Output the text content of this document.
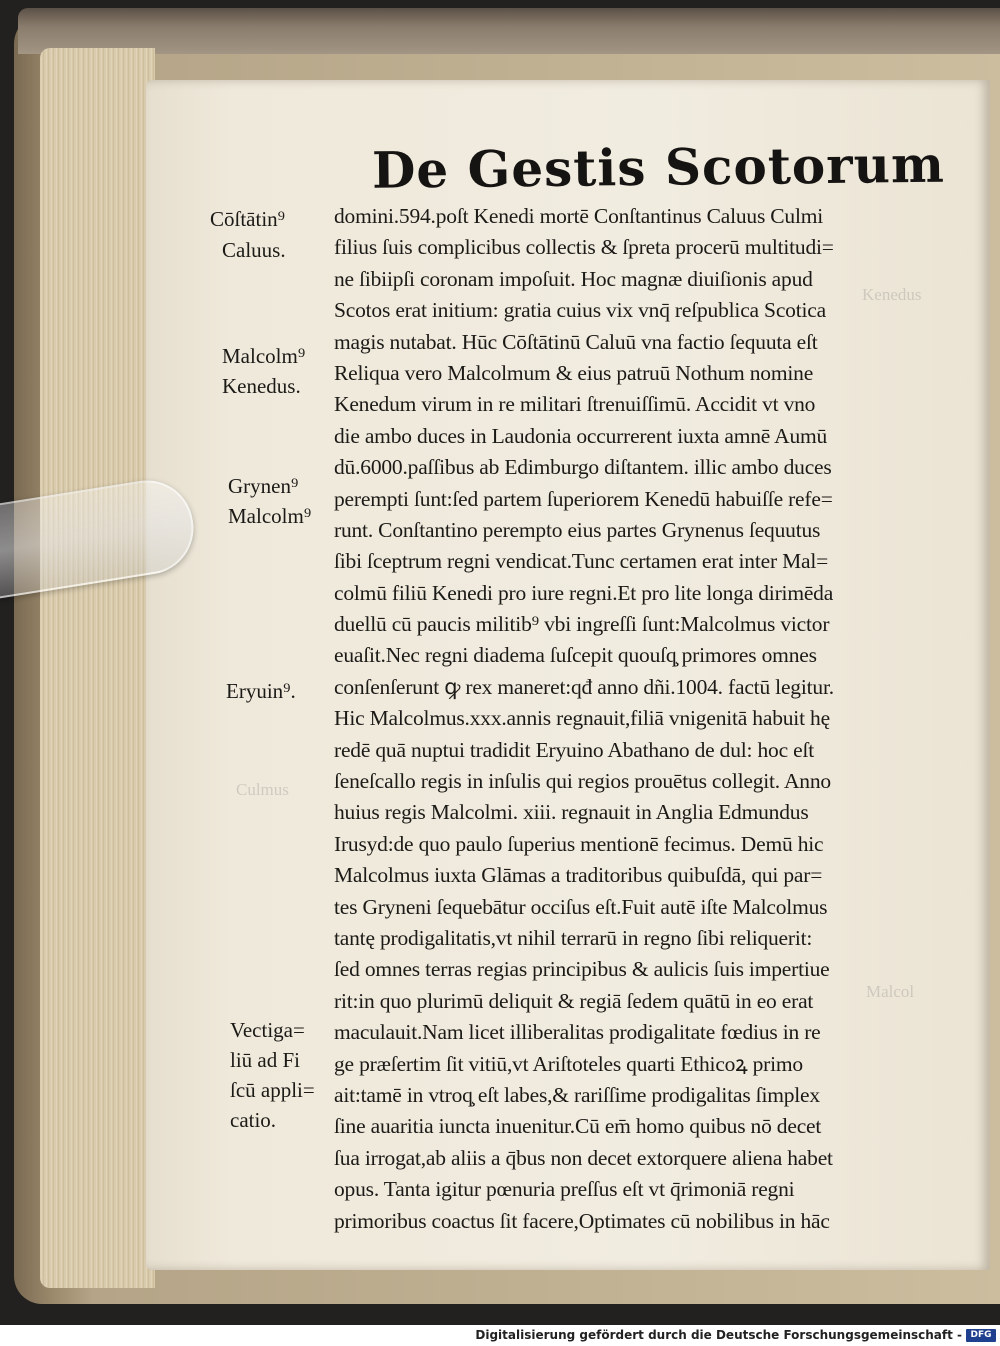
Kenedus
Malcol
Culmus
De Gestis Scotorum
Cōſtātin⁹
Caluus.
Malcolm⁹
Kenedus.
Grynen⁹
Malcolm⁹
Eryuin⁹.
Vectiga=
liū ad Fi
ſcū appli=
catio.
domini.594.poſt Kenedi mortē Conſtantinus Caluus Culmi
filius ſuis complicibus collectis & ſpreta procerū multitudi=
ne ſibiipſi coronam impoſuit. Hoc magnæ diuiſionis apud
Scotos erat initium: gratia cuius vix vnq̄ reſpublica Scotica
magis nutabat. Hūc Cōſtātinū Caluū vna factio ſequuta eſt
Reliqua vero Malcolmum & eius patruū Nothum nomine
Kenedum virum in re militari ſtrenuiſſimū. Accidit vt vno
die ambo duces in Laudonia occurrerent iuxta amnē Aumū
dū.6000.paſſibus ab Edimburgo diſtantem. illic ambo duces
perempti ſunt:ſed partem ſuperiorem Kenedū habuiſſe refe=
runt. Conſtantino perempto eius partes Grynenus ſequutus
ſibi ſceptrum regni vendicat.Tunc certamen erat inter Mal=
colmū filiū Kenedi pro iure regni.Et pro lite longa dirimēda
duellū cū paucis militib⁹ vbi ingreſſi ſunt:Malcolmus victor
euaſit.Nec regni diadema ſuſcepit quouſq̧ primores omnes
conſenſerunt ꝙ rex maneret:qđ anno dñi.1004. factū legitur.
Hic Malcolmus.xxx.annis regnauit,filiā vnigenitā habuit hę
redē quā nuptui tradidit Eryuino Abathano de dul: hoc eſt
ſeneſcallo regis in inſulis qui regios prouētus collegit. Anno
huius regis Malcolmi. xiii. regnauit in Anglia Edmundus
Irusyd:de quo paulo ſuperius mentionē fecimus. Demū hic
Malcolmus iuxta Glāmas a traditoribus quibuſdā, qui par=
tes Gryneni ſequebātur occiſus eſt.Fuit autē iſte Malcolmus
tantę prodigalitatis,vt nihil terrarū in regno ſibi reliquerit:
ſed omnes terras regias principibus & aulicis ſuis impertiue
rit:in quo plurimū deliquit & regiā ſedem quātū in eo erat
maculauit.Nam licet illiberalitas prodigalitate fœdius in re
ge præſertim ſit vitiū,vt Ariſtoteles quarti Ethicoꝝ primo
ait:tamē in vtroq̧ eſt labes,& rariſſime prodigalitas ſimplex
ſine auaritia iuncta inuenitur.Cū em̄ homo quibus nō decet
ſua irrogat,ab aliis a q̄bus non decet extorquere aliena habet
opus. Tanta igitur pœnuria preſſus eſt vt q̄rimoniā regni
primoribus coactus ſit facere,Optimates cū nobilibus in hāc
Digitalisierung gefördert durch die Deutsche Forschungsgemeinschaft - DFG
